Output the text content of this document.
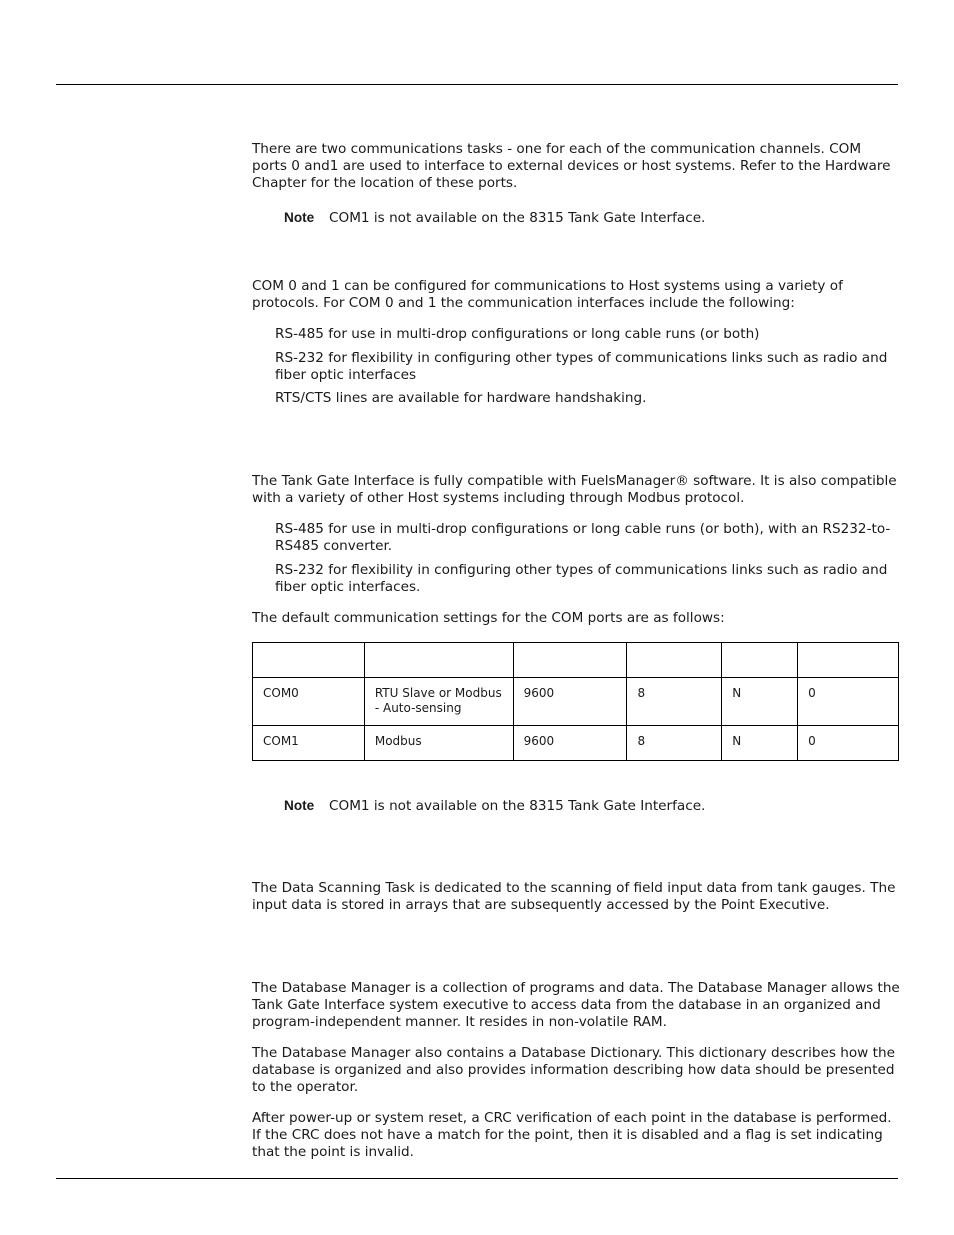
There are two communications tasks - one for each of the communication channels. COM ports 0 and1 are used to interface to external devices or host systems. Refer to the Hardware Chapter for the location of these ports.

Note COM1 is not available on the 8315 Tank Gate Interface.

COM 0 and 1 can be configured for communications to Host systems using a variety of protocols. For COM 0 and 1 the communication interfaces include the following:

RS-485 for use in multi-drop configurations or long cable runs (or both)

RS-232 for flexibility in configuring other types of communications links such as radio and fiber optic interfaces

RTS/CTS lines are available for hardware handshaking.

The Tank Gate Interface is fully compatible with FuelsManager® software. It is also compatible with a variety of other Host systems including through Modbus protocol.

RS-485 for use in multi-drop configurations or long cable runs (or both), with an RS232-to-RS485 converter.

RS-232 for flexibility in configuring other types of communications links such as radio and fiber optic interfaces.

The default communication settings for the COM ports are as follows:

COM0	RTU Slave or Modbus - Auto-sensing	9600	8	N	0
COM1	Modbus	9600	8	N	0

Note COM1 is not available on the 8315 Tank Gate Interface.

The Data Scanning Task is dedicated to the scanning of field input data from tank gauges. The input data is stored in arrays that are subsequently accessed by the Point Executive.

The Database Manager is a collection of programs and data. The Database Manager allows the Tank Gate Interface system executive to access data from the database in an organized and program-independent manner. It resides in non-volatile RAM.

The Database Manager also contains a Database Dictionary. This dictionary describes how the database is organized and also provides information describing how data should be presented to the operator.

After power-up or system reset, a CRC verification of each point in the database is performed. If the CRC does not have a match for the point, then it is disabled and a flag is set indicating that the point is invalid.
